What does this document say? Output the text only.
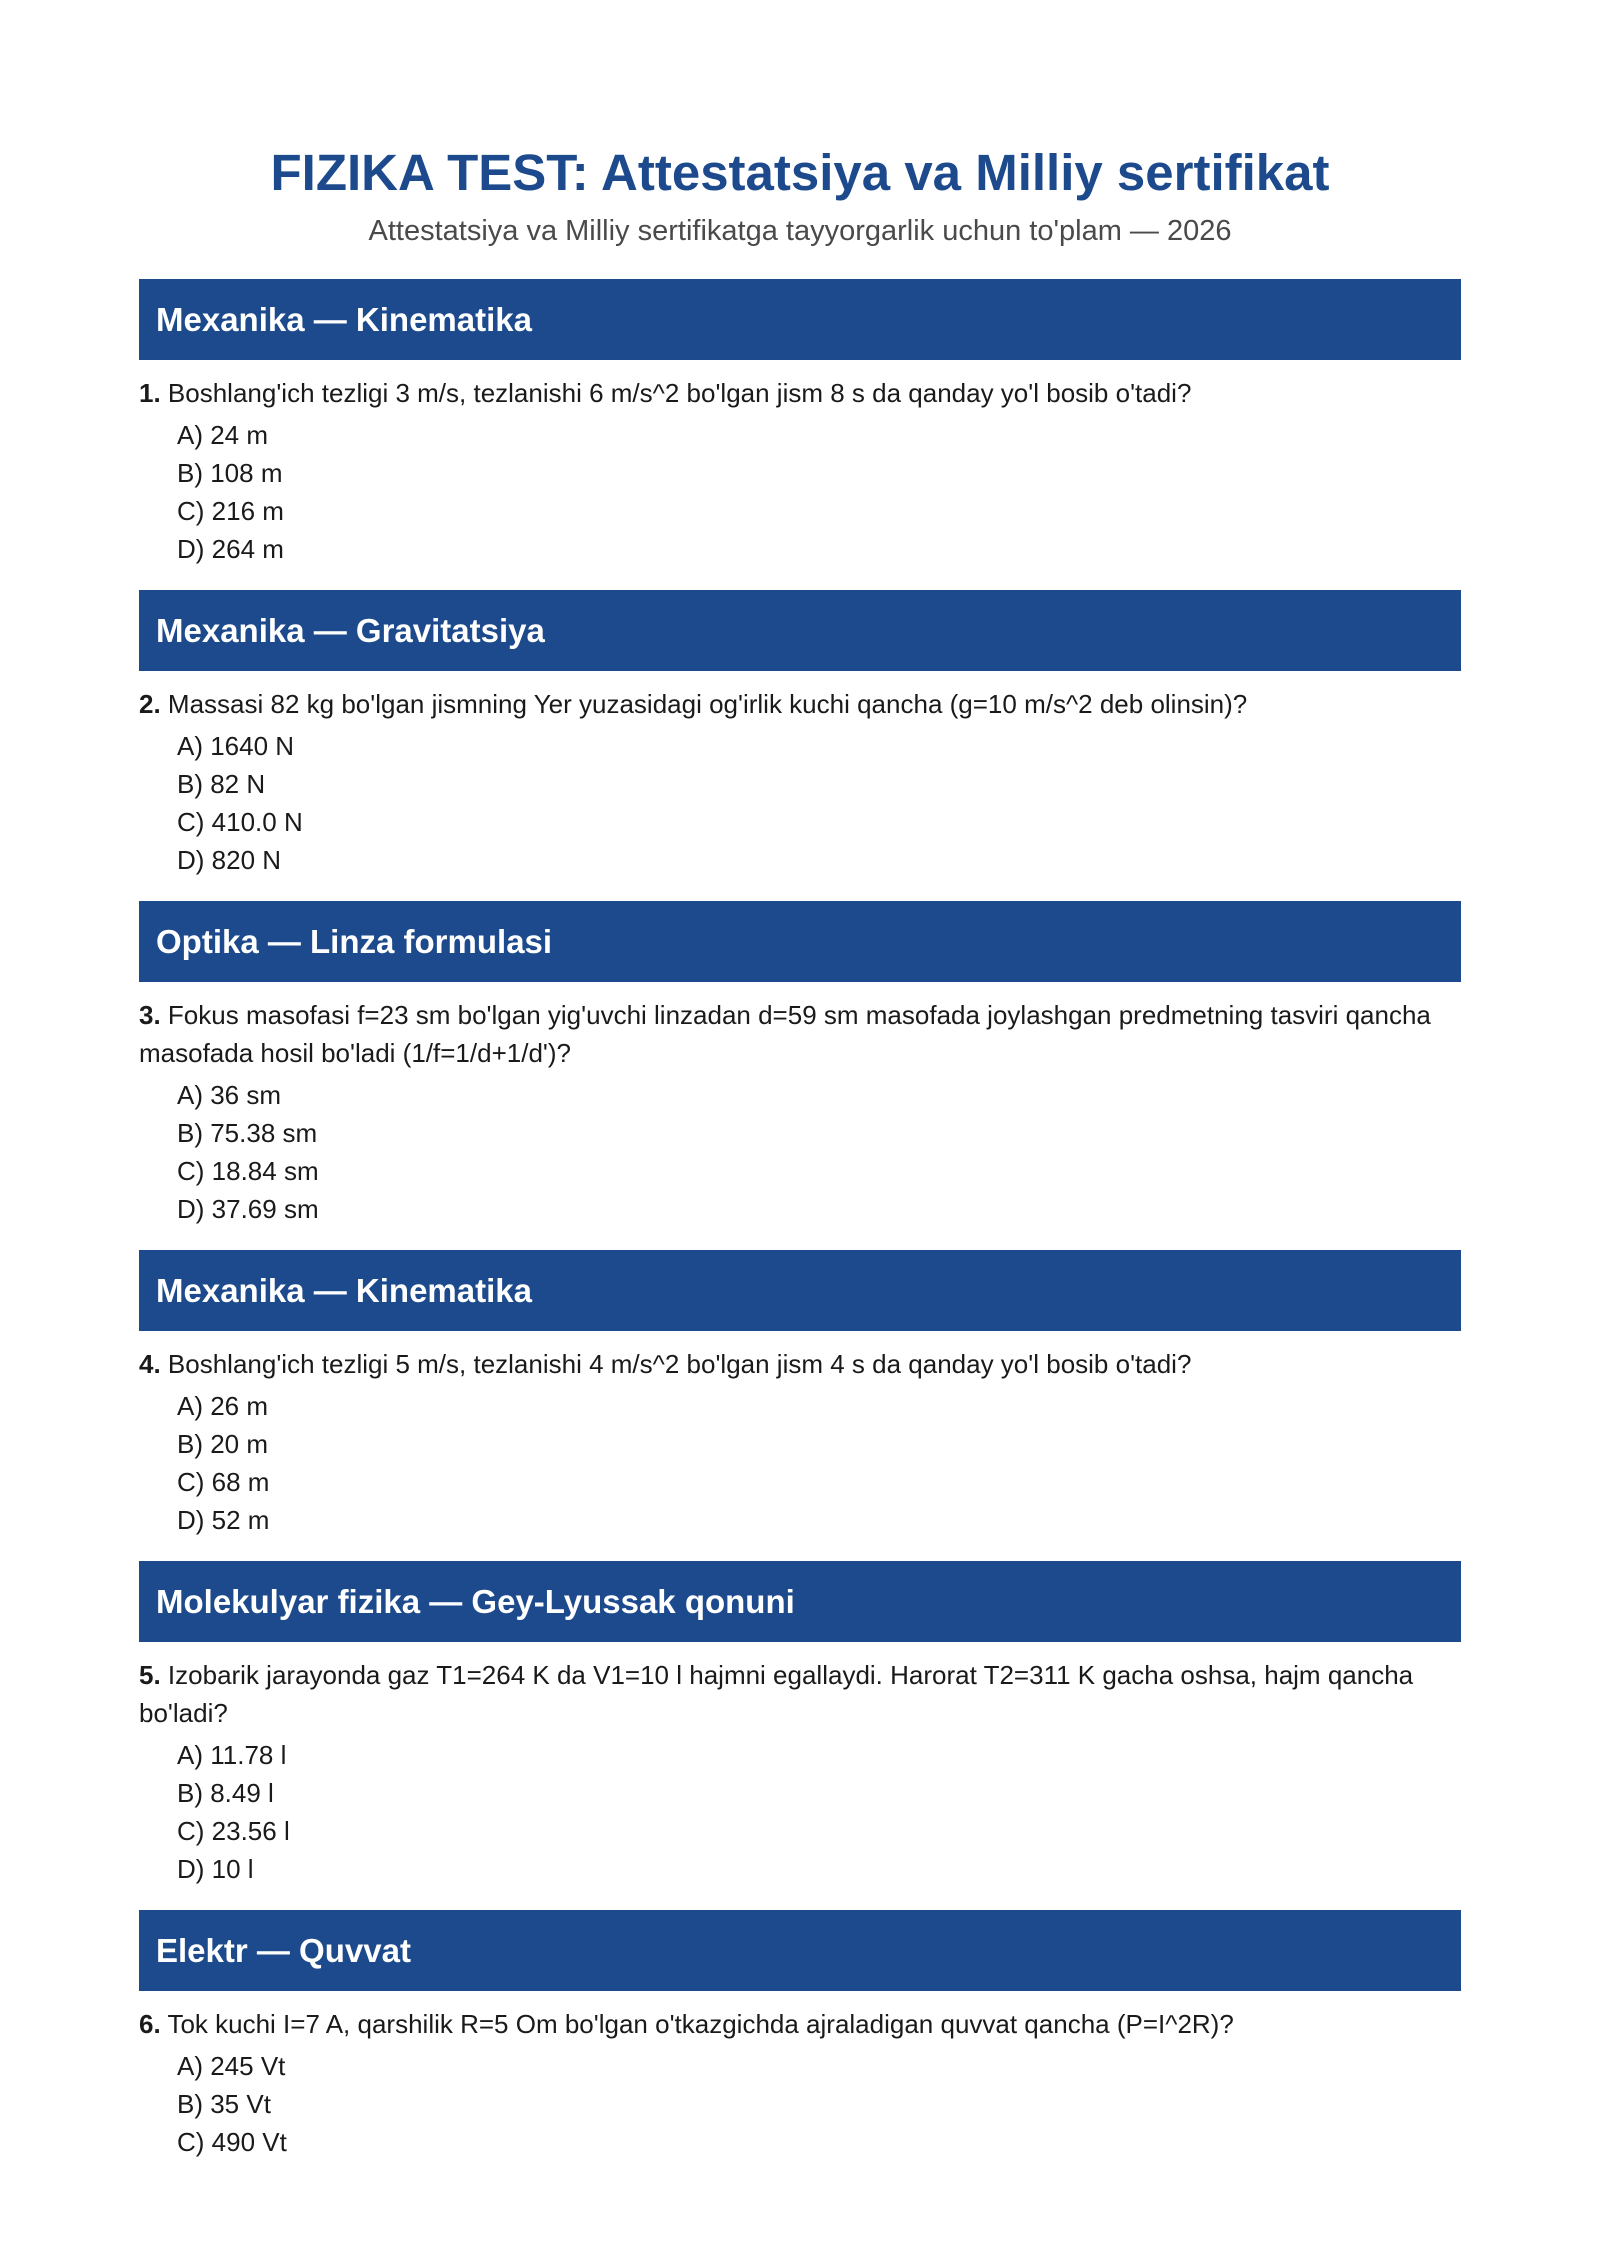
FIZIKA TEST: Attestatsiya va Milliy sertifikat
Attestatsiya va Milliy sertifikatga tayyorgarlik uchun to'plam — 2026
Mexanika — Kinematika
1. Boshlang'ich tezligi 3 m/s, tezlanishi 6 m/s^2 bo'lgan jism 8 s da qanday yo'l bosib o'tadi?
A) 24 m
B) 108 m
C) 216 m
D) 264 m
Mexanika — Gravitatsiya
2. Massasi 82 kg bo'lgan jismning Yer yuzasidagi og'irlik kuchi qancha (g=10 m/s^2 deb olinsin)?
A) 1640 N
B) 82 N
C) 410.0 N
D) 820 N
Optika — Linza formulasi
3. Fokus masofasi f=23 sm bo'lgan yig'uvchi linzadan d=59 sm masofada joylashgan predmetning tasviri qancha masofada hosil bo'ladi (1/f=1/d+1/d')?
A) 36 sm
B) 75.38 sm
C) 18.84 sm
D) 37.69 sm
Mexanika — Kinematika
4. Boshlang'ich tezligi 5 m/s, tezlanishi 4 m/s^2 bo'lgan jism 4 s da qanday yo'l bosib o'tadi?
A) 26 m
B) 20 m
C) 68 m
D) 52 m
Molekulyar fizika — Gey-Lyussak qonuni
5. Izobarik jarayonda gaz T1=264 K da V1=10 l hajmni egallaydi. Harorat T2=311 K gacha oshsa, hajm qancha bo'ladi?
A) 11.78 l
B) 8.49 l
C) 23.56 l
D) 10 l
Elektr — Quvvat
6. Tok kuchi I=7 A, qarshilik R=5 Om bo'lgan o'tkazgichda ajraladigan quvvat qancha (P=I^2R)?
A) 245 Vt
B) 35 Vt
C) 490 Vt
